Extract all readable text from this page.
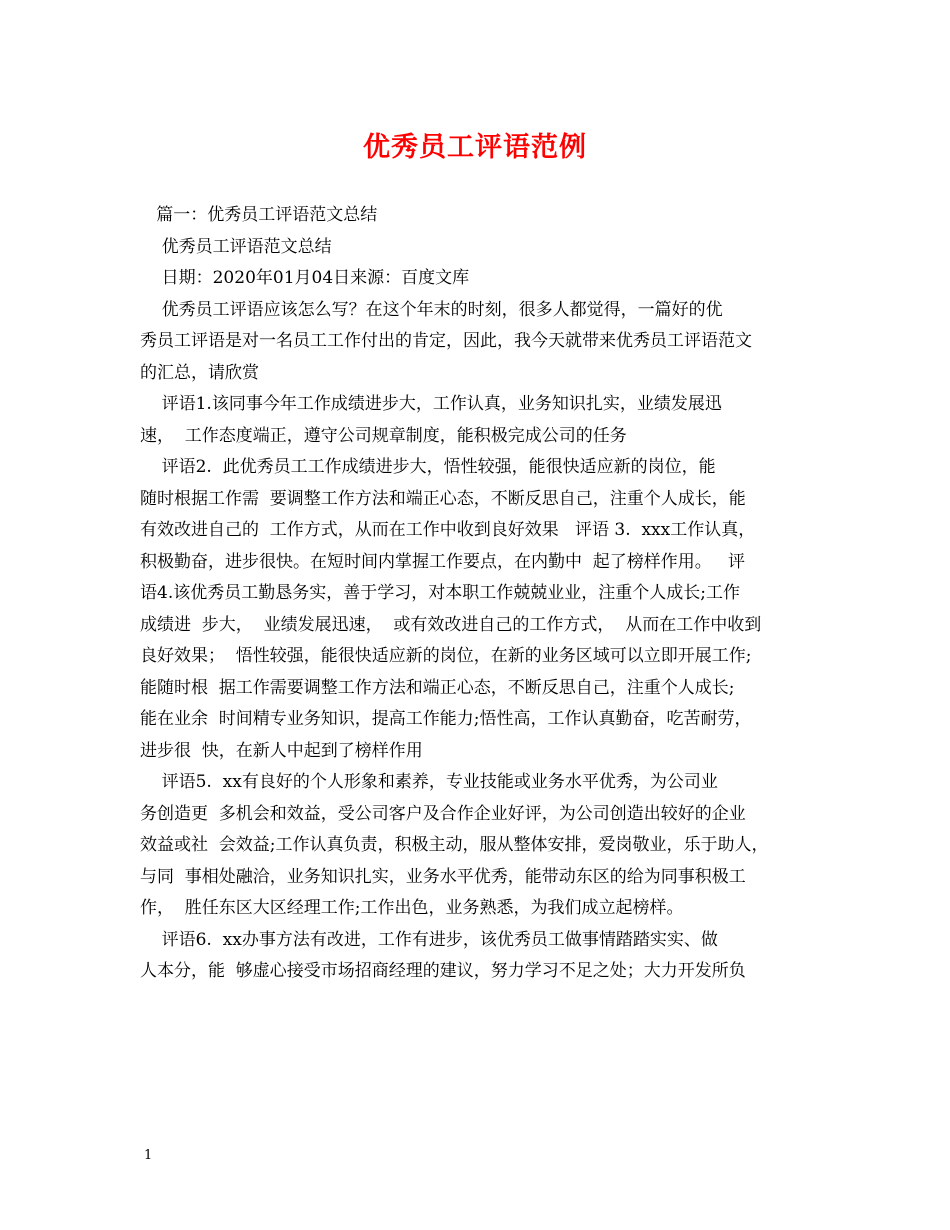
优秀员工评语范例
篇一：优秀员工评语范文总结
优秀员工评语范文总结
日期：2020年01月04日来源：百度文库
优秀员工评语应该怎么写？在这个年末的时刻，很多人都觉得，一篇好的优
秀员工评语是对一名员工工作付出的肯定，因此，我今天就带来优秀员工评语范文
的汇总，请欣赏
评语1.该同事今年工作成绩进步大，工作认真，业务知识扎实，业绩发展迅
速，  工作态度端正，遵守公司规章制度，能积极完成公司的任务
评语2.  此优秀员工工作成绩进步大，悟性较强，能很快适应新的岗位，能
随时根据工作需  要调整工作方法和端正心态，不断反思自己，注重个人成长，能
有效改进自己的  工作方式，从而在工作中收到良好效果   评语 3.  xxx工作认真，
积极勤奋，进步很快。在短时间内掌握工作要点，在内勤中  起了榜样作用。   评
语4.该优秀员工勤恳务实，善于学习，对本职工作兢兢业业，注重个人成长;工作
成绩进  步大，  业绩发展迅速，  或有效改进自己的工作方式，  从而在工作中收到
良好效果；  悟性较强，能很快适应新的岗位，在新的业务区域可以立即开展工作;
能随时根  据工作需要调整工作方法和端正心态，不断反思自己，注重个人成长;
能在业余  时间精专业务知识，提高工作能力;悟性高，工作认真勤奋，吃苦耐劳，
进步很  快，在新人中起到了榜样作用
评语5.  xx有良好的个人形象和素养，专业技能或业务水平优秀，为公司业
务创造更  多机会和效益，受公司客户及合作企业好评，为公司创造出较好的企业
效益或社  会效益;工作认真负责，积极主动，服从整体安排，爱岗敬业，乐于助人，
与同  事相处融洽，业务知识扎实，业务水平优秀，能带动东区的给为同事积极工
作，  胜任东区大区经理工作;工作出色，业务熟悉，为我们成立起榜样。
评语6.  xx办事方法有改进，工作有进步，该优秀员工做事情踏踏实实、做
人本分，能  够虚心接受市场招商经理的建议，努力学习不足之处；大力开发所负
1
